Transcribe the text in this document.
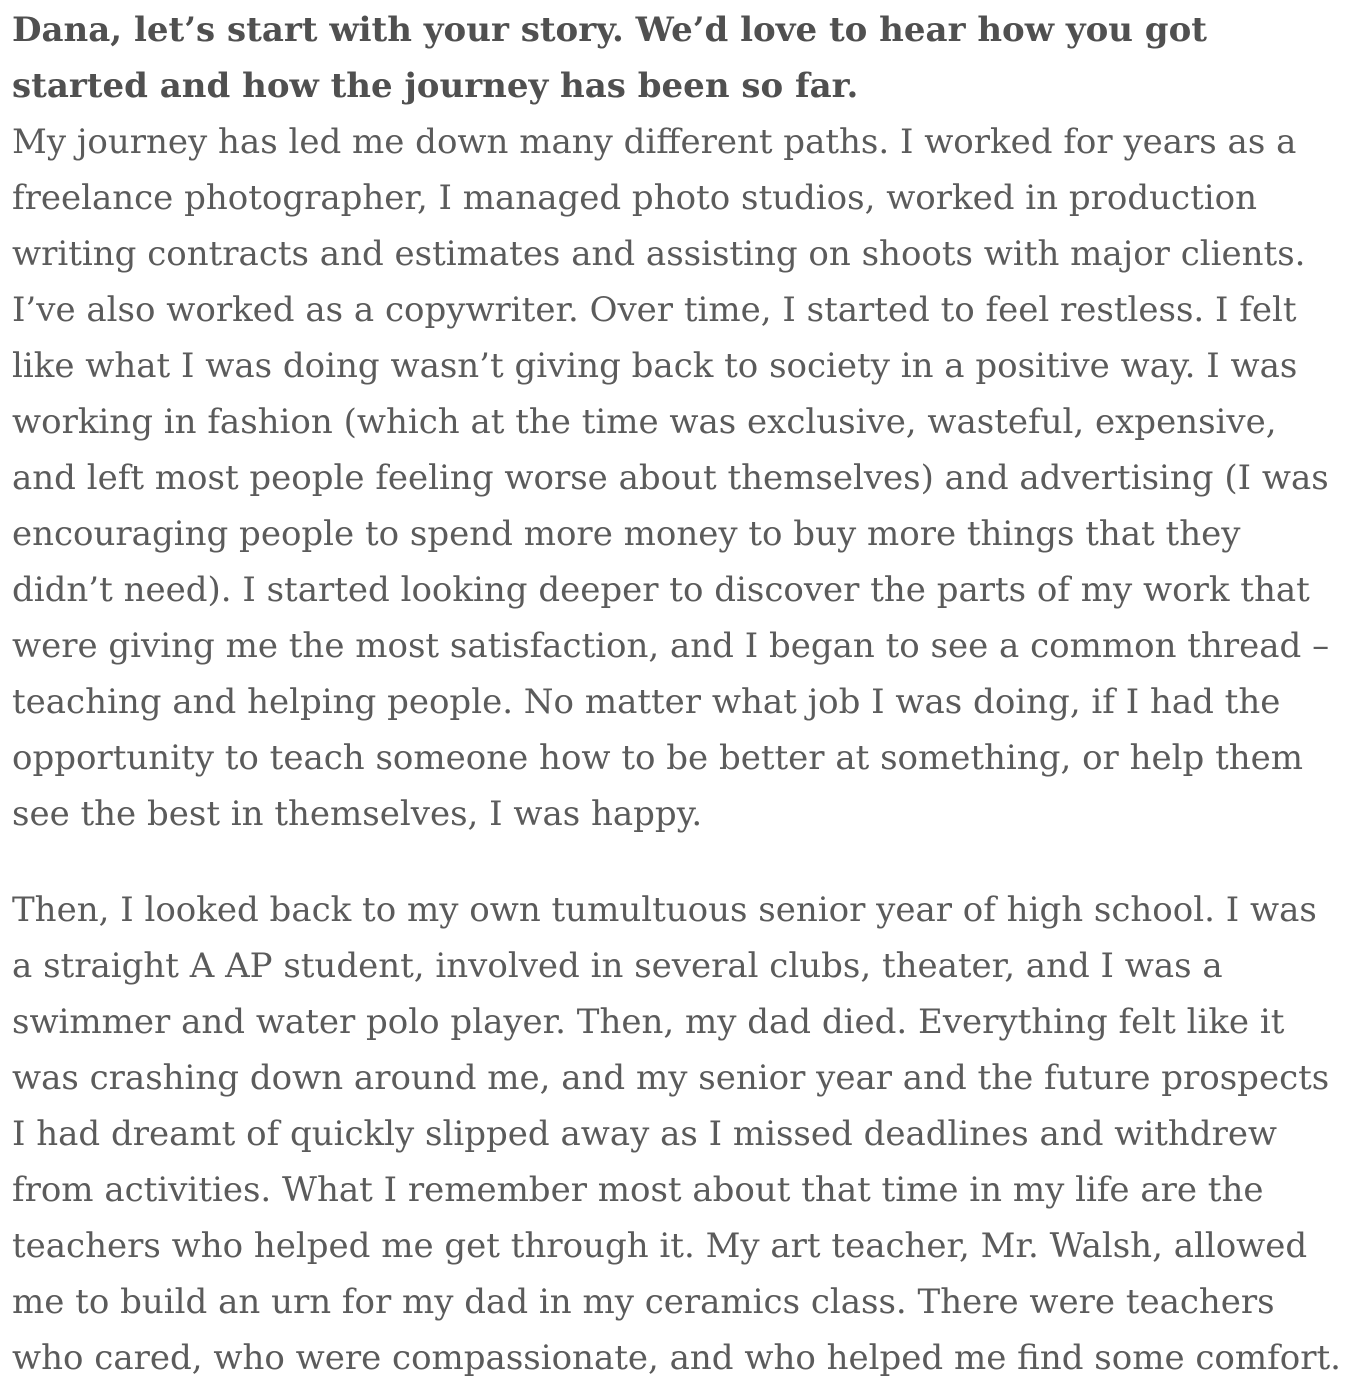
Dana, let’s start with your story. We’d love to hear how you got started and how the journey has been so far.

My journey has led me down many different paths. I worked for years as a freelance photographer, I managed photo studios, worked in production writing contracts and estimates and assisting on shoots with major clients. I’ve also worked as a copywriter. Over time, I started to feel restless. I felt like what I was doing wasn’t giving back to society in a positive way. I was working in fashion (which at the time was exclusive, wasteful, expensive, and left most people feeling worse about themselves) and advertising (I was encouraging people to spend more money to buy more things that they didn’t need). I started looking deeper to discover the parts of my work that were giving me the most satisfaction, and I began to see a common thread – teaching and helping people. No matter what job I was doing, if I had the opportunity to teach someone how to be better at something, or help them see the best in themselves, I was happy.

Then, I looked back to my own tumultuous senior year of high school. I was a straight A AP student, involved in several clubs, theater, and I was a swimmer and water polo player. Then, my dad died. Everything felt like it was crashing down around me, and my senior year and the future prospects I had dreamt of quickly slipped away as I missed deadlines and withdrew from activities. What I remember most about that time in my life are the teachers who helped me get through it. My art teacher, Mr. Walsh, allowed me to build an urn for my dad in my ceramics class. There were teachers who cared, who were compassionate, and who helped me find some comfort.
